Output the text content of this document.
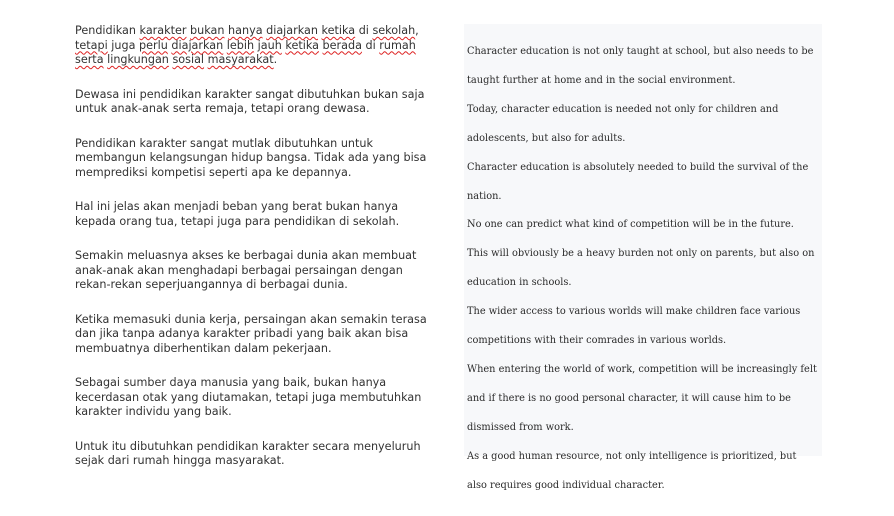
Pendidikan karakter bukan hanya diajarkan ketika di sekolah, tetapi juga perlu diajarkan lebih jauh ketika berada di rumah serta lingkungan sosial masyarakat.

Dewasa ini pendidikan karakter sangat dibutuhkan bukan saja untuk anak-anak serta remaja, tetapi orang dewasa.

Pendidikan karakter sangat mutlak dibutuhkan untuk membangun kelangsungan hidup bangsa. Tidak ada yang bisa memprediksi kompetisi seperti apa ke depannya.

Hal ini jelas akan menjadi beban yang berat bukan hanya kepada orang tua, tetapi juga para pendidikan di sekolah.

Semakin meluasnya akses ke berbagai dunia akan membuat anak-anak akan menghadapi berbagai persaingan dengan rekan-rekan seperjuangannya di berbagai dunia.

Ketika memasuki dunia kerja, persaingan akan semakin terasa dan jika tanpa adanya karakter pribadi yang baik akan bisa membuatnya diberhentikan dalam pekerjaan.

Sebagai sumber daya manusia yang baik, bukan hanya kecerdasan otak yang diutamakan, tetapi juga membutuhkan karakter individu yang baik.

Untuk itu dibutuhkan pendidikan karakter secara menyeluruh sejak dari rumah hingga masyarakat.

Character education is not only taught at school, but also needs to be taught further at home and in the social environment.

Today, character education is needed not only for children and adolescents, but also for adults.

Character education is absolutely needed to build the survival of the nation.

No one can predict what kind of competition will be in the future.

This will obviously be a heavy burden not only on parents, but also on education in schools.

The wider access to various worlds will make children face various competitions with their comrades in various worlds.

When entering the world of work, competition will be increasingly felt and if there is no good personal character, it will cause him to be dismissed from work.

As a good human resource, not only intelligence is prioritized, but also requires good individual character.
